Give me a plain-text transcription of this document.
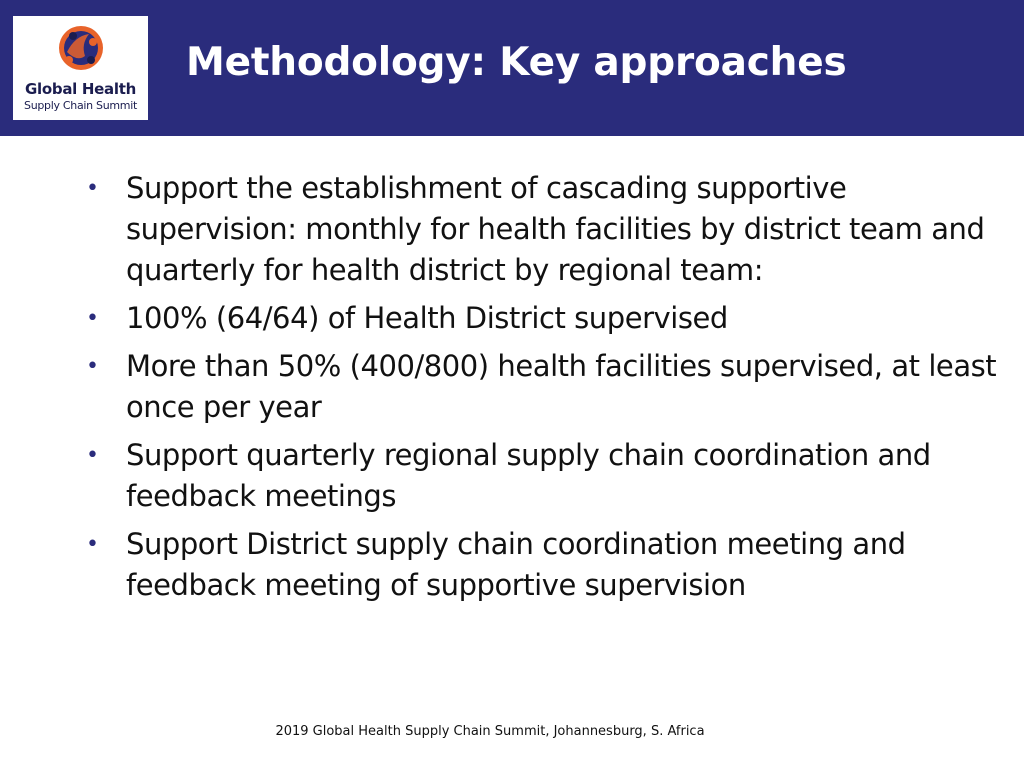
Global Health
Supply Chain Summit
Methodology: Key approaches
• Support the establishment of cascading supportive supervision: monthly for health facilities by district team and quarterly for health district by regional team:
• 100% (64/64) of Health District supervised
• More than 50% (400/800) health facilities supervised, at least once per year
• Support quarterly regional supply chain coordination and feedback meetings
• Support District supply chain coordination meeting and feedback meeting of supportive supervision
2019 Global Health Supply Chain Summit, Johannesburg, S. Africa
